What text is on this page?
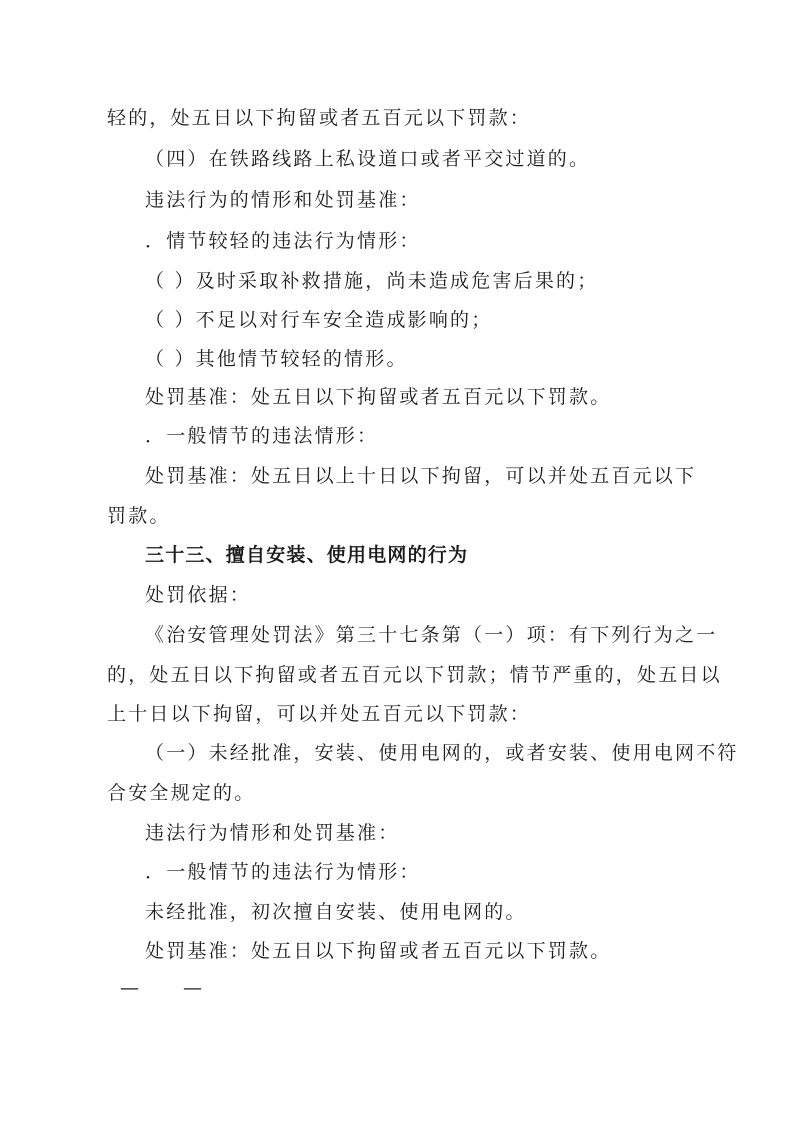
轻的，处五日以下拘留或者五百元以下罚款：
（四）在铁路线路上私设道口或者平交过道的。
违法行为的情形和处罚基准：
．情节较轻的违法行为情形：
（ ）及时采取补救措施，尚未造成危害后果的；
（ ）不足以对行车安全造成影响的；
（ ）其他情节较轻的情形。
处罚基准：处五日以下拘留或者五百元以下罚款。
．一般情节的违法情形：
处罚基准：处五日以上十日以下拘留，可以并处五百元以下
罚款。
三十三、擅自安装、使用电网的行为
处罚依据：
《治安管理处罚法》第三十七条第（一）项：有下列行为之一
的，处五日以下拘留或者五百元以下罚款；情节严重的，处五日以
上十日以下拘留，可以并处五百元以下罚款：
（一）未经批准，安装、使用电网的，或者安装、使用电网不符
合安全规定的。
违法行为情形和处罚基准：
．一般情节的违法行为情形：
未经批准，初次擅自安装、使用电网的。
处罚基准：处五日以下拘留或者五百元以下罚款。
—　　—
